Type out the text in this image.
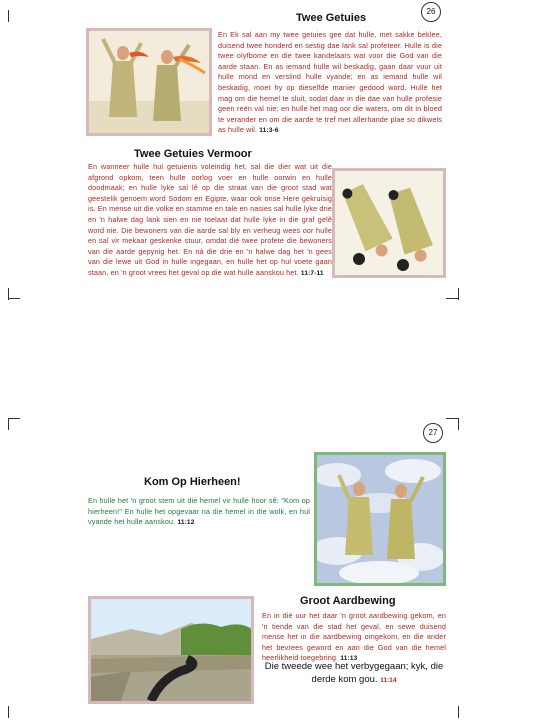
26
Twee Getuies
En Ek sal aan my twee getuies gee dat hulle, met sakke beklee, duisend twee honderd en sestig dae lank sal profeteer. Hulle is die twee olyfbome en die twee kandelaars wat voor die God van die aarde staan. En as iemand hulle wil beskadig, gaan daar vuur uit hulle mond en verslind hulle vyande; en as iemand hulle wil beskadig, moet hy op dieselfde manier gedood word. Hulle het mag om die hemel te sluit, sodat daar in die dae van hulle profesie geen reën val nie; en hulle het mag oor die waters, om dit in bloed te verander en om die aarde te tref met allerhande plae so dikwels as hulle wil. 11:3-6
Twee Getuies Vermoor
En wanneer hulle hul getuienis voleindig het, sal die dier wat uit die afgrond opkom, teen hulle oorlog voer en hulle oorwin en hulle doodmaak; en hulle lyke sal lê op die straat van die groot stad wat geestelik genoem word Sodom en Egipte, waar ook onse Here gekruisig is. En mense uit die volke en stamme en tale en nasies sal hulle lyke drie en 'n halwe dag lank sien en nie toelaat dat hulle lyke in die graf gelê word nie. Die bewoners van die aarde sal bly en verheug wees oor hulle en sal vir mekaar geskenke stuur, omdat dié twee profete die bewoners van die aarde gepynig het. En ná die drie en 'n halwe dag het 'n gees van die lewe uit God in hulle ingegaan, en hulle het op hul voete gaan staan, en 'n groot vrees het geval op die wat hulle aanskou het. 11:7-11
27
Kom Op Hierheen!
En hulle het 'n groot stem uit die hemel vir hulle hoor sê: "Kom op hierheen!" En hulle het opgevaar na die hemel in die wolk, en hul vyande het hulle aanskou. 11:12
Groot Aardbewing
En in dié uur het daar 'n groot aardbewing gekom, en 'n tiende van die stad het geval, en sewe duisend mense het in die aardbewing omgekom, en die ander het bevrees geword en aan die God van die hemel heerlikheid toegebring. 11:13
Die tweede wee het verbygegaan; kyk, die derde kom gou. 11:14
